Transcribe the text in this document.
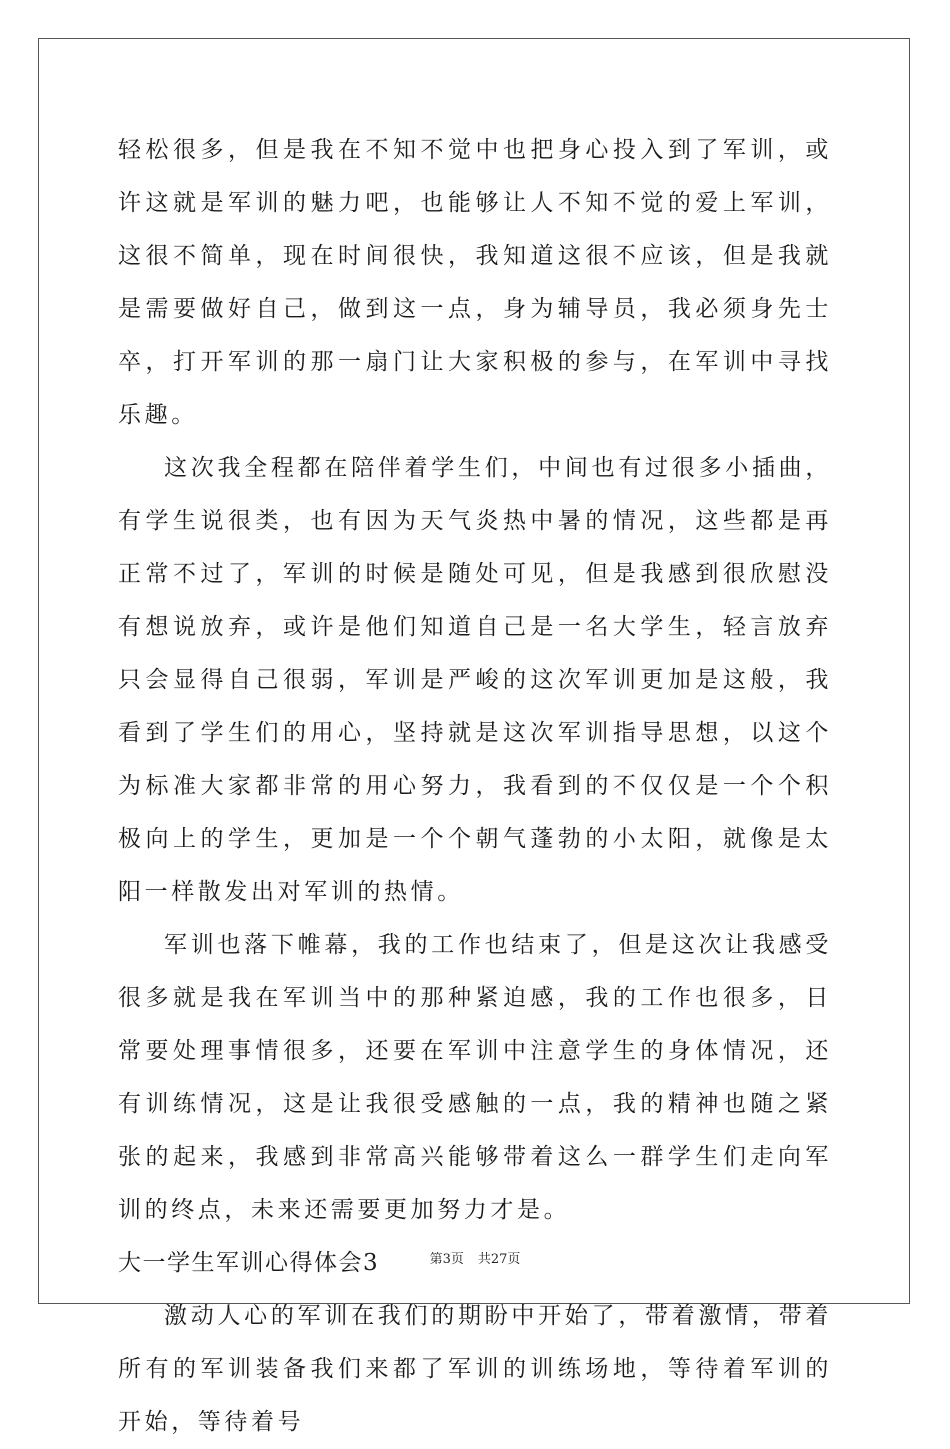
轻松很多，但是我在不知不觉中也把身心投入到了军训，或许这就是军训的魅力吧，也能够让人不知不觉的爱上军训，这很不简单，现在时间很快，我知道这很不应该，但是我就是需要做好自己，做到这一点，身为辅导员，我必须身先士卒，打开军训的那一扇门让大家积极的参与，在军训中寻找乐趣。

这次我全程都在陪伴着学生们，中间也有过很多小插曲，有学生说很类，也有因为天气炎热中暑的情况，这些都是再正常不过了，军训的时候是随处可见，但是我感到很欣慰没有想说放弃，或许是他们知道自己是一名大学生，轻言放弃只会显得自己很弱，军训是严峻的这次军训更加是这般，我看到了学生们的用心，坚持就是这次军训指导思想，以这个为标准大家都非常的用心努力，我看到的不仅仅是一个个积极向上的学生，更加是一个个朝气蓬勃的小太阳，就像是太阳一样散发出对军训的热情。

军训也落下帷幕，我的工作也结束了，但是这次让我感受很多就是我在军训当中的那种紧迫感，我的工作也很多，日常要处理事情很多，还要在军训中注意学生的身体情况，还有训练情况，这是让我很受感触的一点，我的精神也随之紧张的起来，我感到非常高兴能够带着这么一群学生们走向军训的终点，未来还需要更加努力才是。

大一学生军训心得体会3

激动人心的军训在我们的期盼中开始了，带着激情，带着所有的军训装备我们来都了军训的训练场地，等待着军训的开始，等待着号

第3页 共27页
